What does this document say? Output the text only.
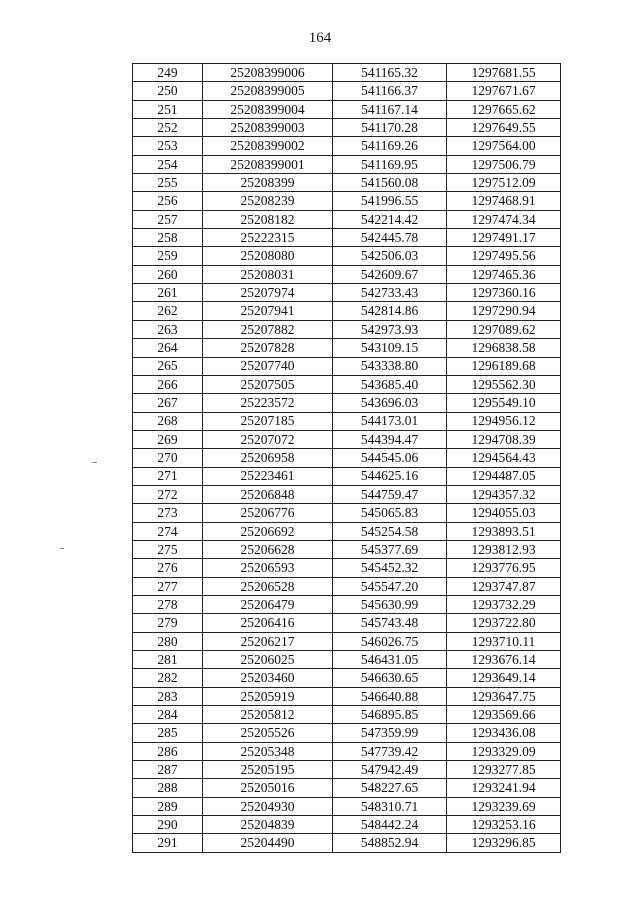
164
249	25208399006	541165.32	1297681.55
250	25208399005	541166.37	1297671.67
251	25208399004	541167.14	1297665.62
252	25208399003	541170.28	1297649.55
253	25208399002	541169.26	1297564.00
254	25208399001	541169.95	1297506.79
255	25208399	541560.08	1297512.09
256	25208239	541996.55	1297468.91
257	25208182	542214.42	1297474.34
258	25222315	542445.78	1297491.17
259	25208080	542506.03	1297495.56
260	25208031	542609.67	1297465.36
261	25207974	542733.43	1297360.16
262	25207941	542814.86	1297290.94
263	25207882	542973.93	1297089.62
264	25207828	543109.15	1296838.58
265	25207740	543338.80	1296189.68
266	25207505	543685.40	1295562.30
267	25223572	543696.03	1295549.10
268	25207185	544173.01	1294956.12
269	25207072	544394.47	1294708.39
270	25206958	544545.06	1294564.43
271	25223461	544625.16	1294487.05
272	25206848	544759.47	1294357.32
273	25206776	545065.83	1294055.03
274	25206692	545254.58	1293893.51
275	25206628	545377.69	1293812.93
276	25206593	545452.32	1293776.95
277	25206528	545547.20	1293747.87
278	25206479	545630.99	1293732.29
279	25206416	545743.48	1293722.80
280	25206217	546026.75	1293710.11
281	25206025	546431.05	1293676.14
282	25203460	546630.65	1293649.14
283	25205919	546640.88	1293647.75
284	25205812	546895.85	1293569.66
285	25205526	547359.99	1293436.08
286	25205348	547739.42	1293329.09
287	25205195	547942.49	1293277.85
288	25205016	548227.65	1293241.94
289	25204930	548310.71	1293239.69
290	25204839	548442.24	1293253.16
291	25204490	548852.94	1293296.85
